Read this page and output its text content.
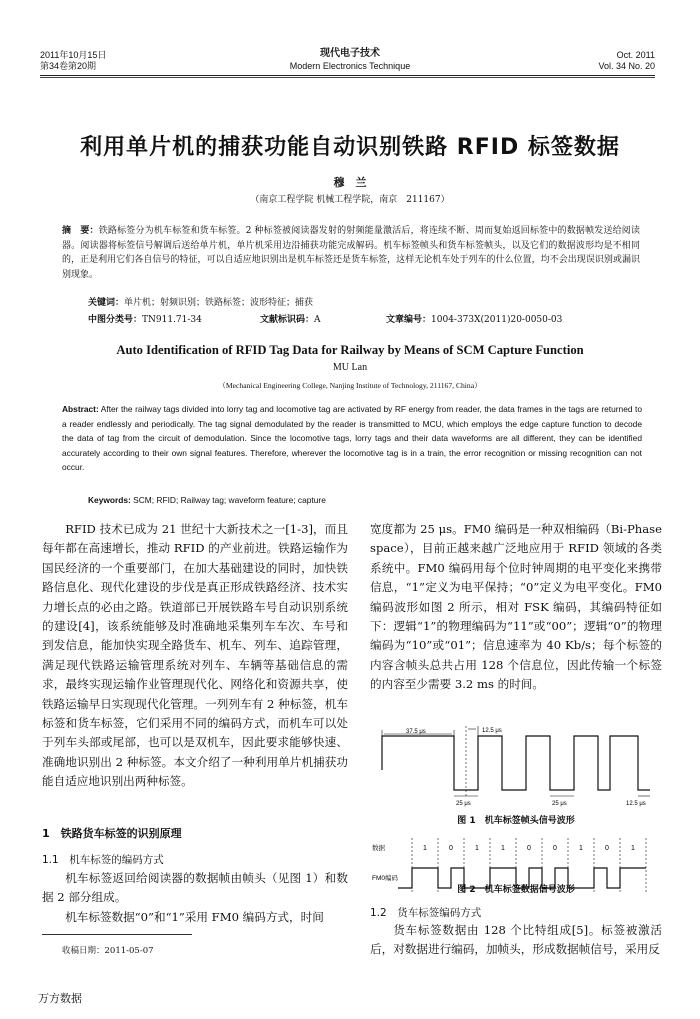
2011年10月15日
第34卷第20期
现代电子技术
Modern Electronics Technique
Oct. 2011
Vol. 34 No. 20
利用单片机的捕获功能自动识别铁路 RFID 标签数据
穆　兰
（南京工程学院 机械工程学院，南京　211167）
摘　要：铁路标签分为机车标签和货车标签。2 种标签被阅读器发射的射频能量激活后，将连续不断、周而复始返回标签中的数据帧发送给阅读器。阅读器将标签信号解调后送给单片机，单片机采用边沿捕获功能完成解码。机车标签帧头和货车标签帧头，以及它们的数据波形均是不相同的，正是利用它们各自信号的特征，可以自适应地识别出是机车标签还是货车标签，这样无论机车处于列车的什么位置，均不会出现误识别或漏识别现象。
关键词：单片机；射频识别；铁路标签；波形特征；捕获
中图分类号：TN911.71-34	文献标识码：A	文章编号：1004-373X(2011)20-0050-03
Auto Identification of RFID Tag Data for Railway by Means of SCM Capture Function
MU Lan
（Mechanical Engineering College, Nanjing Institute of Technology, 211167, China）
Abstract: After the railway tags divided into lorry tag and locomotive tag are activated by RF energy from reader, the data frames in the tags are returned to a reader endlessly and periodically. The tag signal demodulated by the reader is transmitted to MCU, which employs the edge capture function to decode the data of tag from the circuit of demodulation. Since the locomotive tags, lorry tags and their data waveforms are all different, they can be identified accurately according to their own signal features. Therefore, wherever the locomotive tag is in a train, the error recognition or missing recognition can not occur.
Keywords: SCM; RFID; Railway tag; waveform feature; capture

RFID 技术已成为 21 世纪十大新技术之一[1-3]，而且每年都在高速增长，推动 RFID 的产业前进。铁路运输作为国民经济的一个重要部门，在加大基础建设的同时，加快铁路信息化、现代化建设的步伐是真正形成铁路经济、技术实力增长点的必由之路。铁道部已开展铁路车号自动识别系统的建设[4]，该系统能够及时准确地采集列车车次、车号和到发信息，能加快实现全路货车、机车、列车、追踪管理，满足现代铁路运输管理系统对列车、车辆等基础信息的需求，最终实现运输作业管理现代化、网络化和资源共享，使铁路运输早日实现现代化管理。一列列车有 2 种标签，机车标签和货车标签，它们采用不同的编码方式，而机车可以处于列车头部或尾部，也可以是双机车，因此要求能够快速、准确地识别出 2 种标签。本文介绍了一种利用单片机捕获功能自适应地识别出两种标签。

1　铁路货车标签的识别原理
1.1　机车标签的编码方式

机车标签返回给阅读器的数据帧由帧头（见图 1）和数据 2 部分组成。

机车标签数据“0”和“1”采用 FM0 编码方式，时间

收稿日期：2011-05-07

宽度都为 25 μs。FM0 编码是一种双相编码（Bi-Phase space），目前正越来越广泛地应用于 RFID 领域的各类系统中。FM0 编码用每个位时钟周期的电平变化来携带信息，“1”定义为电平保持；“0”定义为电平变化。FM0 编码波形如图 2 所示，相对 FSK 编码，其编码特征如下：逻辑“1”的物理编码为“11”或“00”；逻辑“0”的物理编码为“10”或“01”；信息速率为 40 Kb/s；每个标签的内容含帧头总共占用 128 个信息位，因此传输一个标签的内容至少需要 3.2 ms 的时间。

37.5 μs	12.5 μs
25 μs	25 μs	12.5 μs
图 1　机车标签帧头信号波形
数据
FM0编码
1	0	1	1	0	0	1	0	1
图 2　机车标签数据信号波形
1.2　货车标签编码方式

货车标签数据由 128 个比特组成[5]。标签被激活后，对数据进行编码，加帧头，形成数据帧信号，采用反

万方数据
